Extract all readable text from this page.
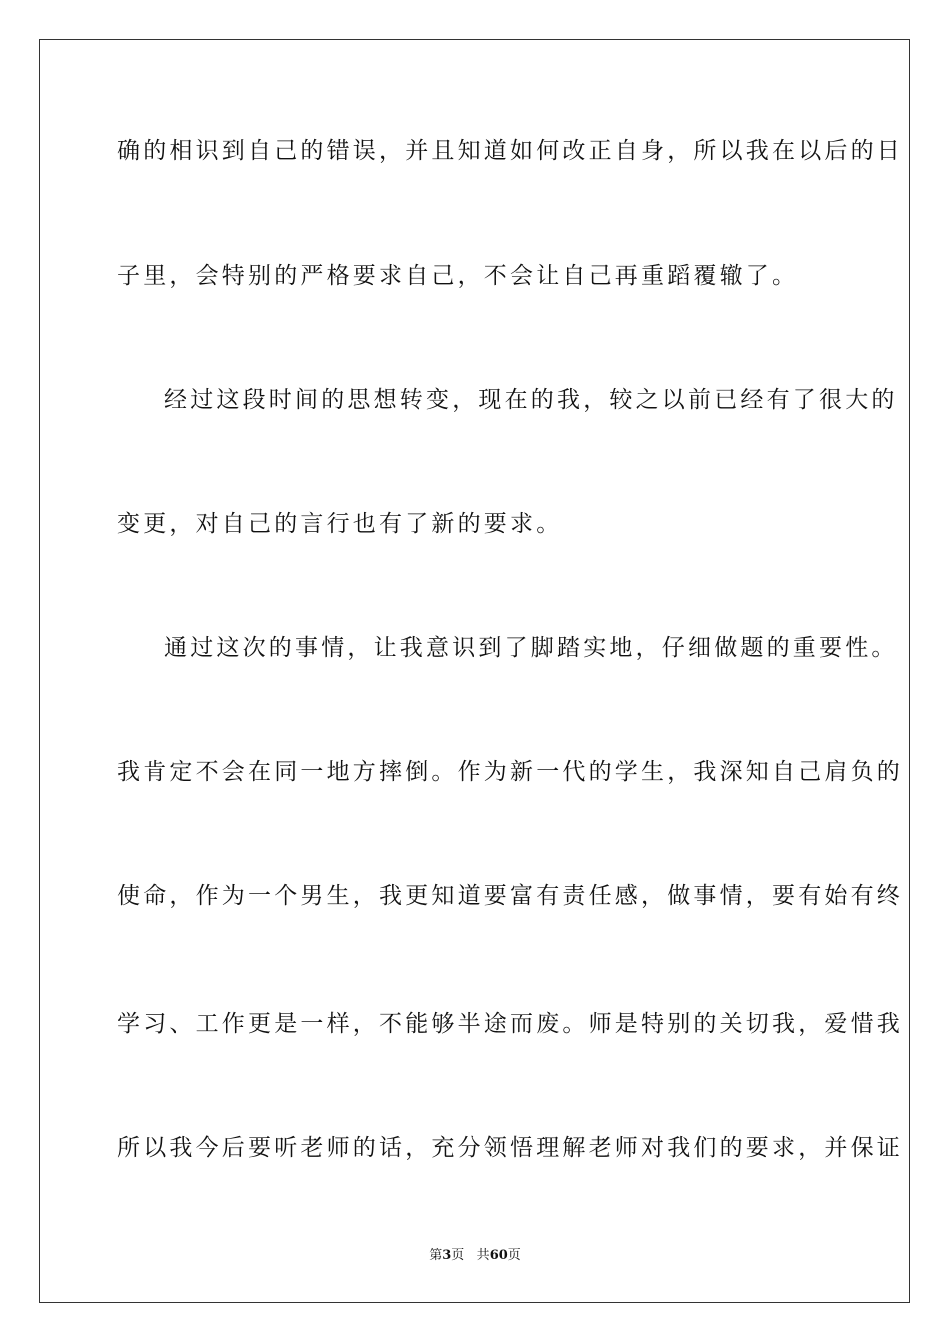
确的相识到自己的错误，并且知道如何改正自身，所以我在以后的日
子里，会特别的严格要求自己，不会让自己再重蹈覆辙了。
经过这段时间的思想转变，现在的我，较之以前已经有了很大的
变更，对自己的言行也有了新的要求。
通过这次的事情，让我意识到了脚踏实地，仔细做题的重要性。
我肯定不会在同一地方摔倒。作为新一代的学生，我深知自己肩负的
使命，作为一个男生，我更知道要富有责任感，做事情，要有始有终
学习、工作更是一样，不能够半途而废。师是特别的关切我，爱惜我
所以我今后要听老师的话，充分领悟理解老师对我们的要求，并保证
第3页 共60页
